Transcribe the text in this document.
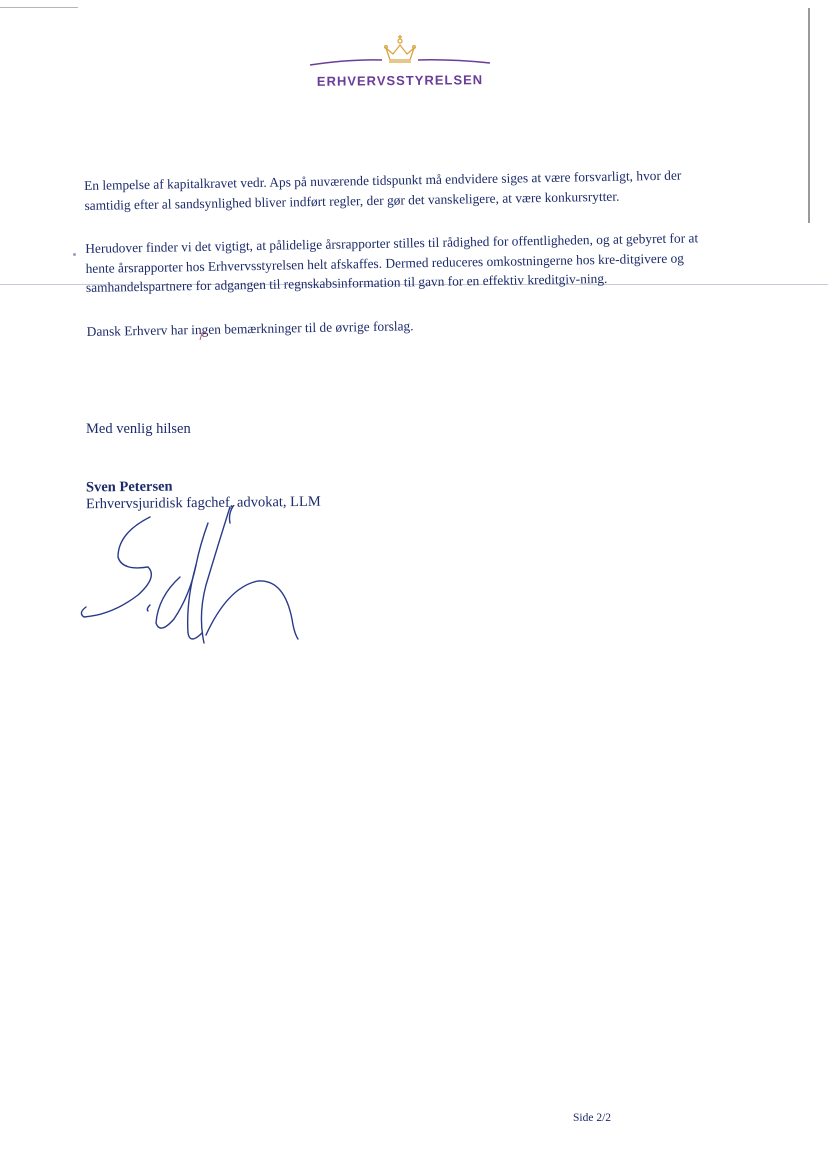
ERHVERVSSTYRELSEN

En lempelse af kapitalkravet vedr. Aps på nuværende tidspunkt må endvidere siges at være forsvarligt, hvor der samtidig efter al sandsynlighed bliver indført regler, der gør det vanskeligere, at være konkursrytter.

Herudover finder vi det vigtigt, at pålidelige årsrapporter stilles til rådighed for offentligheden, og at gebyret for at hente årsrapporter hos Erhvervsstyrelsen helt afskaffes. Dermed reduceres omkostningerne hos kre-ditgivere og samhandelspartnere for adgangen til regnskabsinformation til gavn for en effektiv kreditgiv-ning.

Dansk Erhverv har ingen bemærkninger til de øvrige forslag.

Med venlig hilsen
Sven Petersen
Erhvervsjuridisk fagchef, advokat, LLM
Side 2/2
